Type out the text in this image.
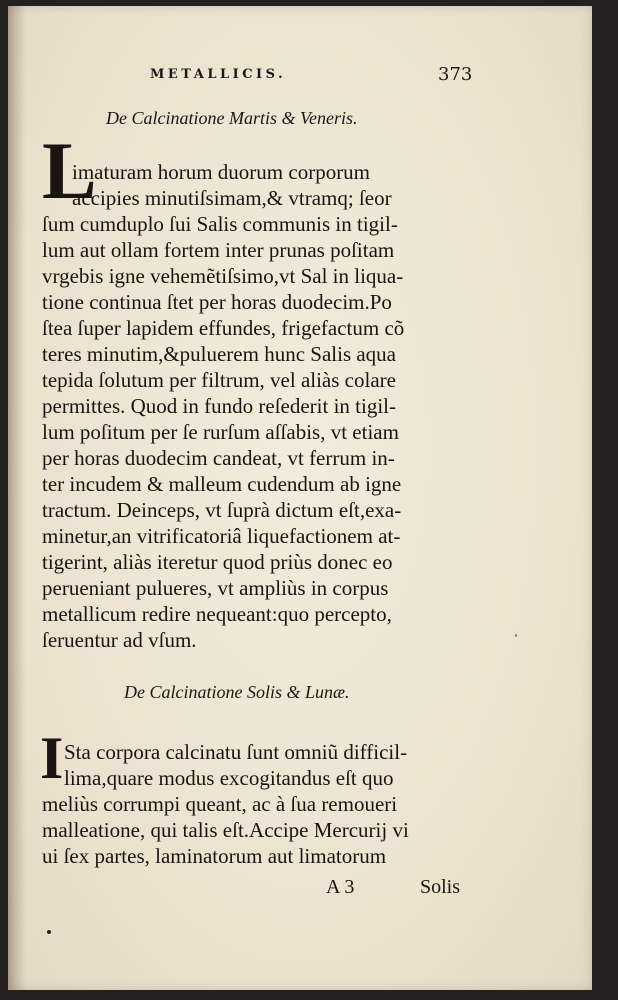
METALLICIS.	373
De Calcinatione Martis & Veneris.
L
imaturam horum duorum corporum
accipies minutiſsimam,& vtramq; ſeor
ſum cumduplo ſui Salis communis in tigil-
lum aut ollam fortem inter prunas poſitam
vrgebis igne vehemẽtiſsimo,vt Sal in liqua-
tione continua ſtet per horas duodecim.Po
ſtea ſuper lapidem effundes, frigefactum cõ
teres minutim,&puluerem hunc Salis aqua
tepida ſolutum per filtrum, vel aliàs colare
permittes. Quod in fundo reſederit in tigil-
lum poſitum per ſe rurſum aſſabis, vt etiam
per horas duodecim candeat, vt ferrum in-
ter incudem & malleum cudendum ab igne
tractum. Deinceps, vt ſuprà dictum eſt,exa-
minetur,an vitrificatoriâ liquefactionem at-
tigerint, aliàs iteretur quod priùs donec eo
perueniant pulueres, vt ampliùs in corpus
metallicum redire nequeant:quo percepto,
ſeruentur ad vſum.
De Calcinatione Solis & Lunæ.
I Sta corpora calcinatu ſunt omniũ difficil-
lima,quare modus excogitandus eſt quo
meliùs corrumpi queant, ac à ſua remoueri
malleatione, qui talis eſt.Accipe Mercurij vi
ui ſex partes, laminatorum aut limatorum
A 3	Solis
